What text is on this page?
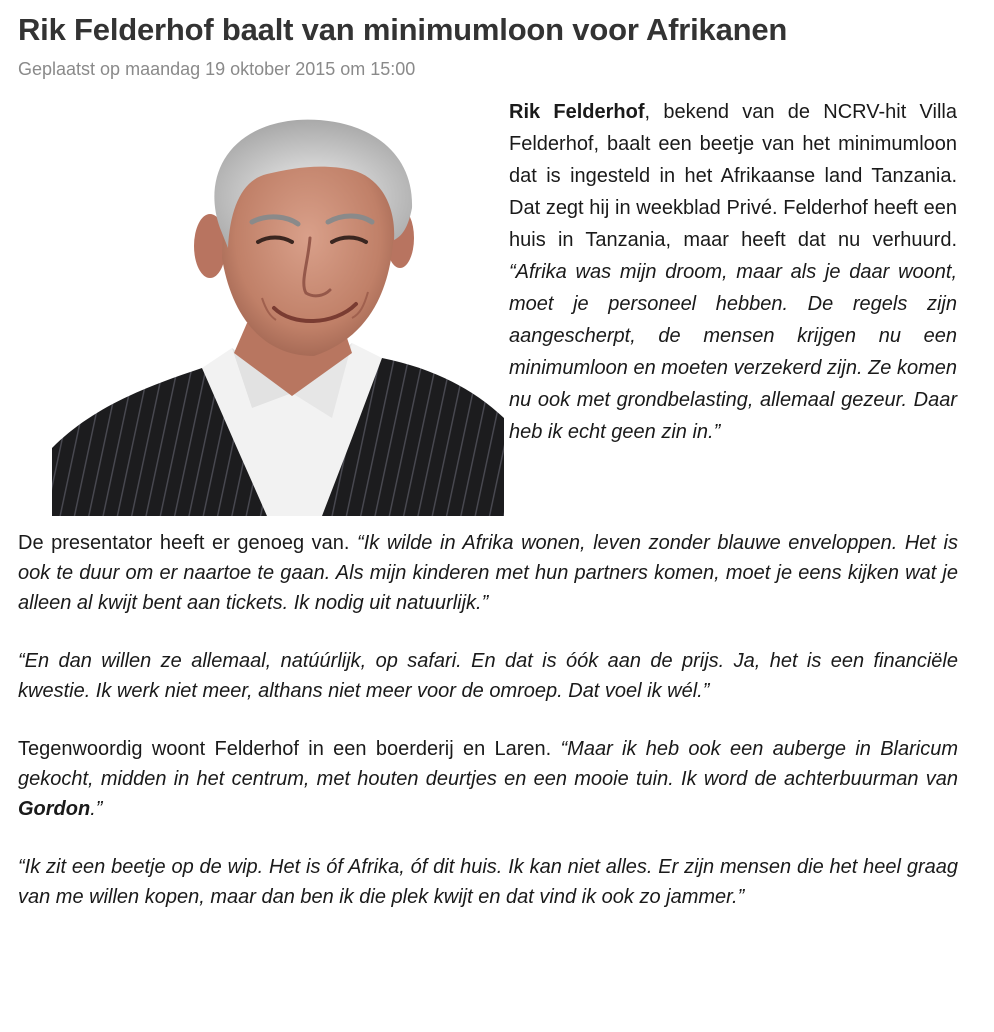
Rik Felderhof baalt van minimumloon voor Afrikanen
Geplaatst op maandag 19 oktober 2015 om 15:00

Rik Felderhof, bekend van de NCRV-hit Villa Felderhof, baalt een beetje van het minimumloon dat is ingesteld in het Afrikaanse land Tanzania. Dat zegt hij in weekblad Privé. Felderhof heeft een huis in Tanzania, maar heeft dat nu verhuurd. “Afrika was mijn droom, maar als je daar woont, moet je personeel hebben. De regels zijn aangescherpt, de mensen krijgen nu een minimumloon en moeten verzekerd zijn. Ze komen nu ook met grondbelasting, allemaal gezeur. Daar heb ik echt geen zin in.”

De presentator heeft er genoeg van. “Ik wilde in Afrika wonen, leven zonder blauwe enveloppen. Het is ook te duur om er naartoe te gaan. Als mijn kinderen met hun partners komen, moet je eens kijken wat je alleen al kwijt bent aan tickets. Ik nodig uit natuurlijk.”

“En dan willen ze allemaal, natúúrlijk, op safari. En dat is óók aan de prijs. Ja, het is een financiële kwestie. Ik werk niet meer, althans niet meer voor de omroep. Dat voel ik wél.”

Tegenwoordig woont Felderhof in een boerderij en Laren. “Maar ik heb ook een auberge in Blaricum gekocht, midden in het centrum, met houten deurtjes en een mooie tuin. Ik word de achterbuurman van Gordon.”

“Ik zit een beetje op de wip. Het is óf Afrika, óf dit huis. Ik kan niet alles. Er zijn mensen die het heel graag van me willen kopen, maar dan ben ik die plek kwijt en dat vind ik ook zo jammer.”
